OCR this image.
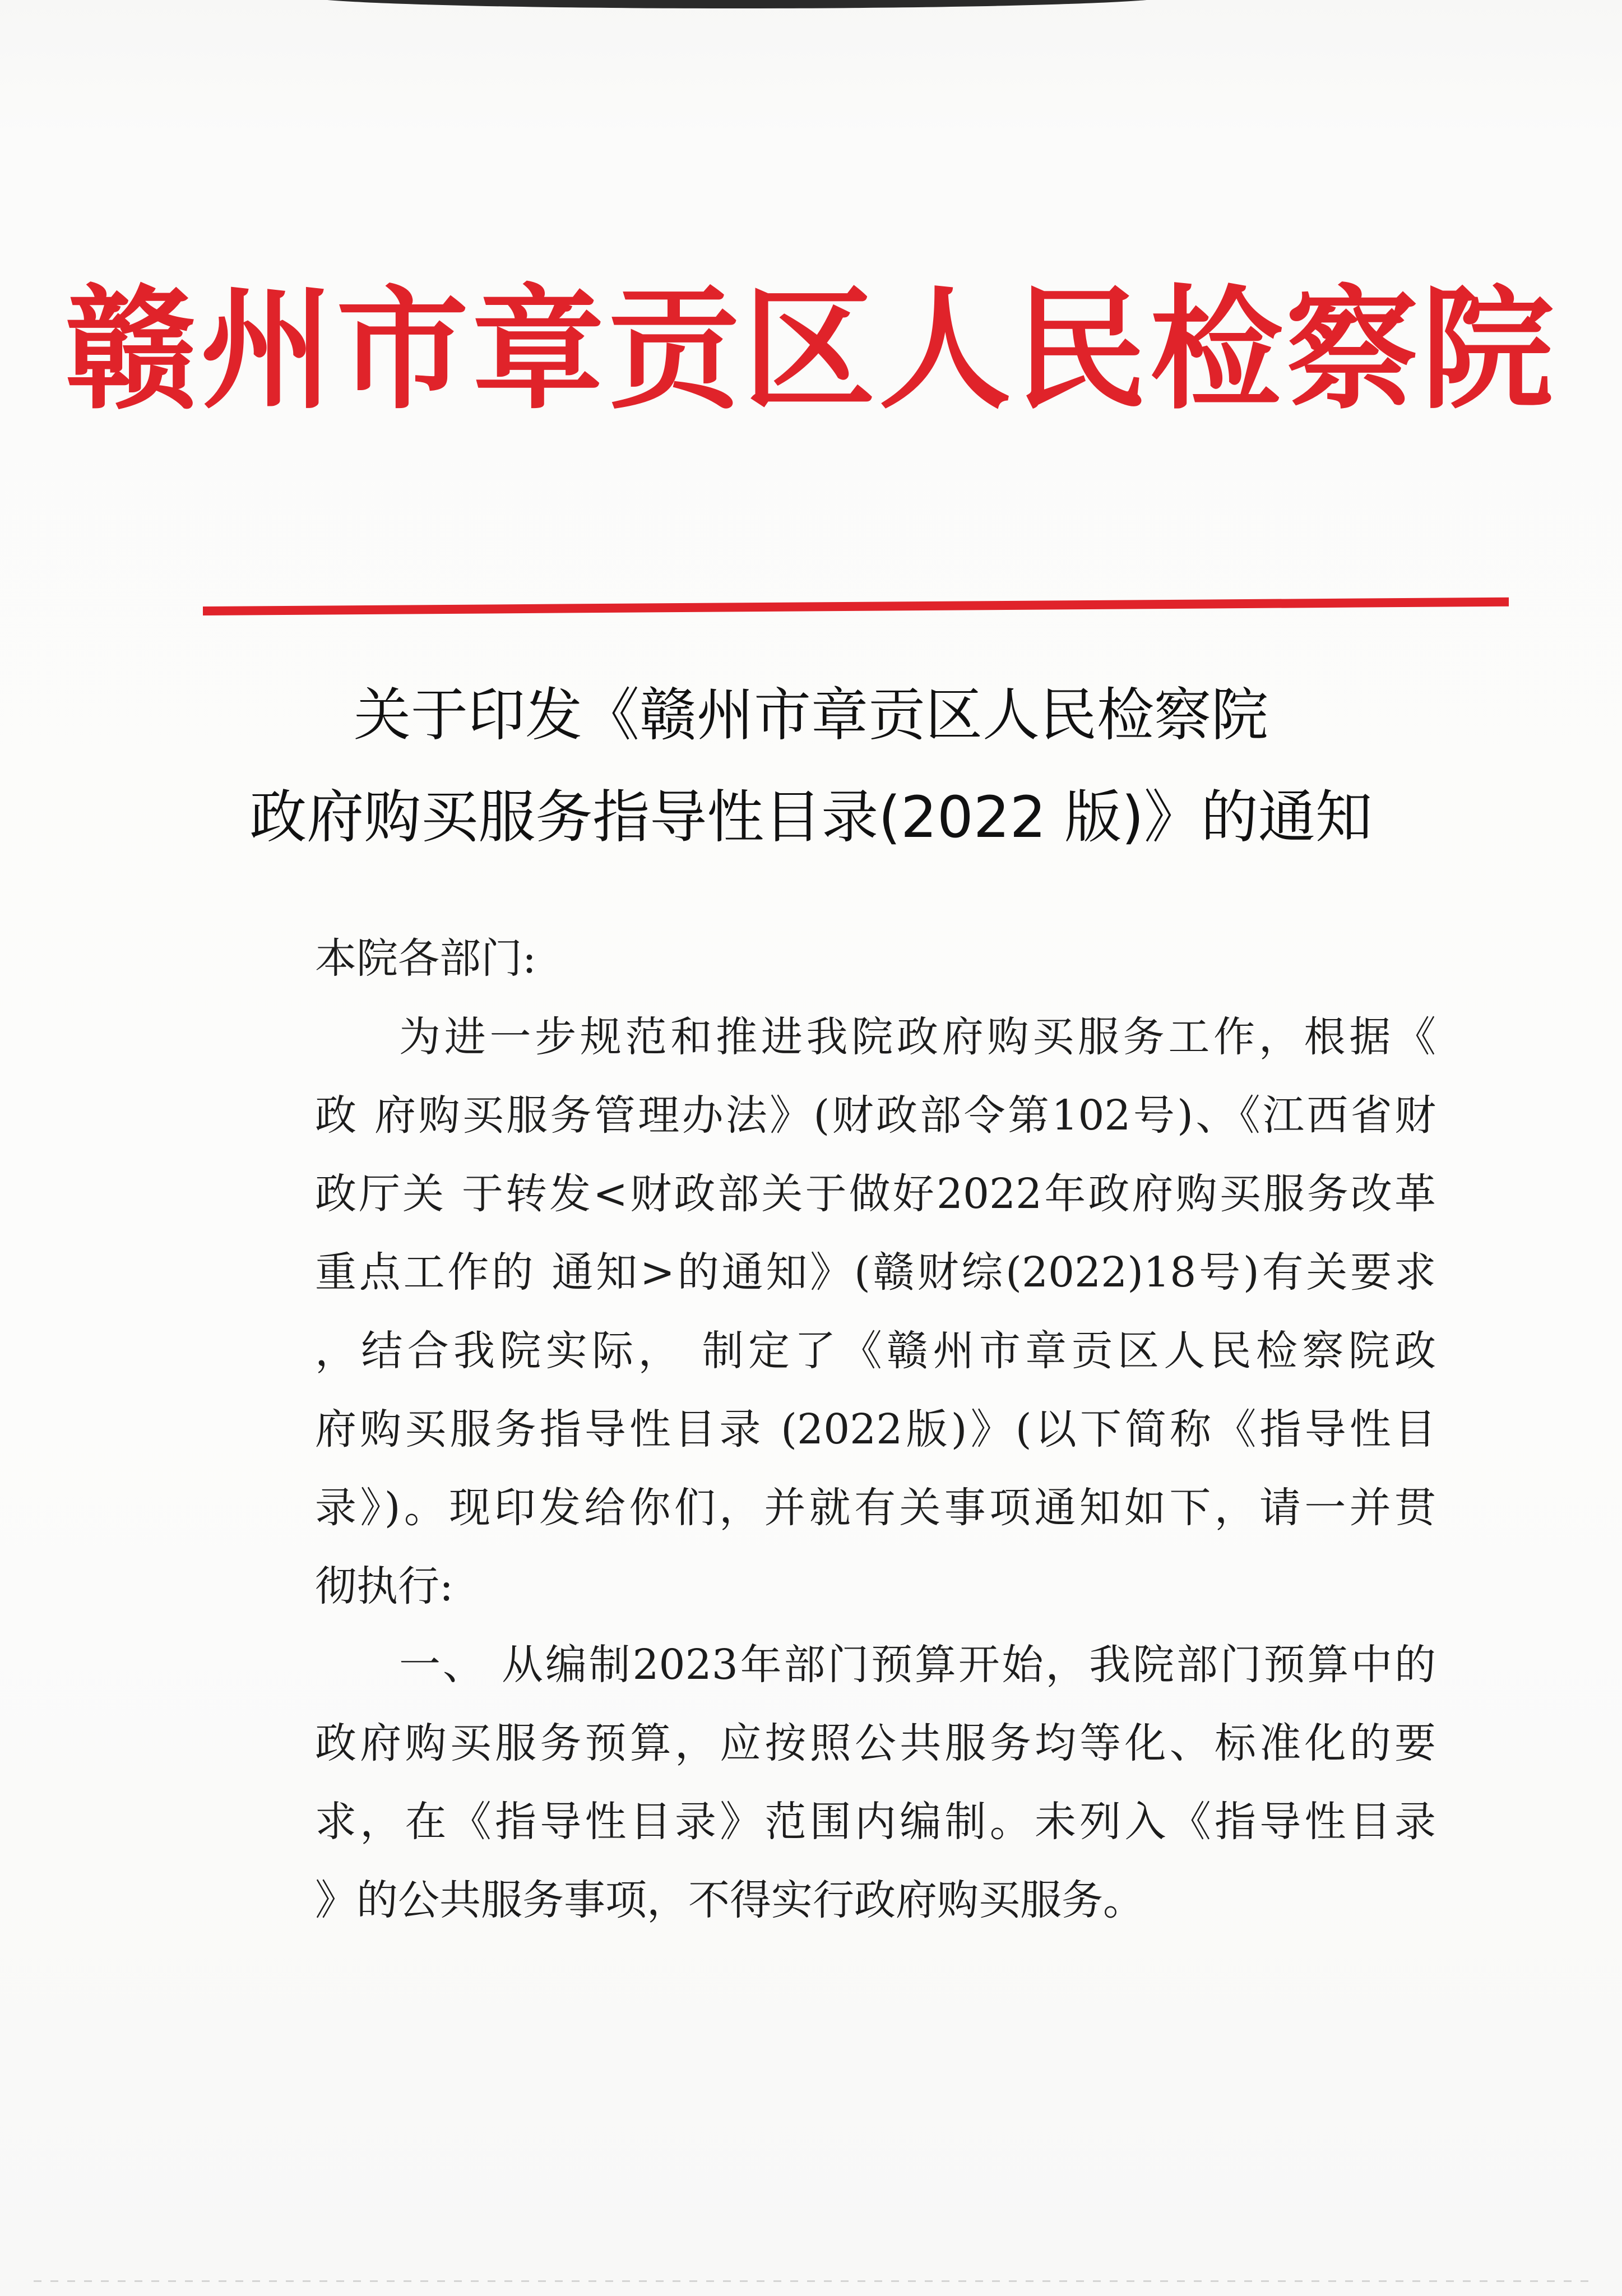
赣州市章贡区人民检察院
关于印发《赣州市章贡区人民检察院
政府购买服务指导性目录(2022 版)》的通知
本院各部门:
为进一步规范和推进我院政府购买服务工作，根据《
政 府购买服务管理办法》(财政部令第102号)、《江西省财
政厅关 于转发<财政部关于做好2022年政府购买服务改革
重点工作的 通知>的通知》(赣财综(2022)18号)有关要求
，结合我院实际， 制定了《赣州市章贡区人民检察院政
府购买服务指导性目录 (2022版)》(以下简称《指导性目
录》)。现印发给你们，并就有关事项通知如下，请一并贯
彻执行:
一、 从编制2023年部门预算开始，我院部门预算中的
政府购买服务预算，应按照公共服务均等化、标准化的要
求，在《指导性目录》范围内编制。未列入《指导性目录
》的公共服务事项，不得实行政府购买服务。
